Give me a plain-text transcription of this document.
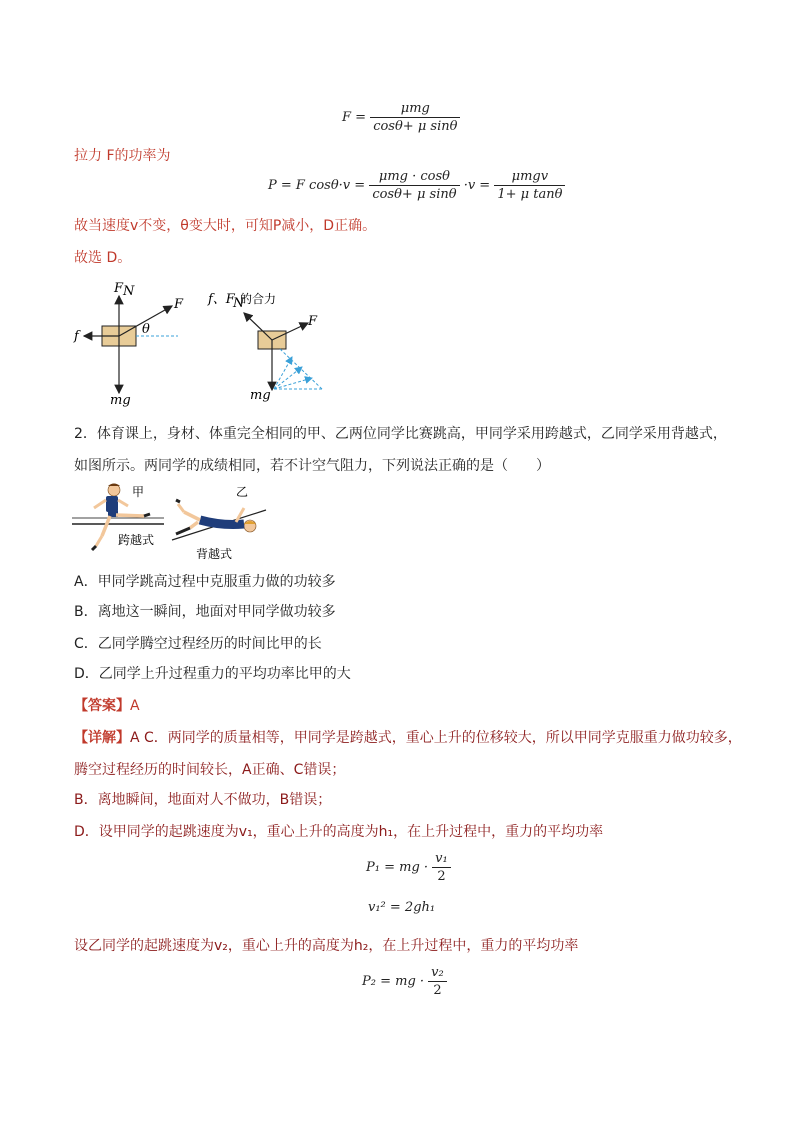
$F = \frac{\text{μmg}}{\text{cosθ+ μ sinθ}}$
拉力 F的功率为
P = F $\cos\theta\cdot v = \frac{\text{μmg · cosθ}}{\text{cosθ+ μ sinθ}} \cdot v = \frac{\text{μmgv}}{\text{1+ μ tanθ}}$
故当速度v不变，θ变大时，可知P减小，D正确。
故选 D。
F N
F
f	θ
mg
f、F
N
的合力
F
mg
2．体育课上，身材、体重完全相同的甲、乙两位同学比赛跳高，甲同学采用跨越式，乙同学采用背越式，
如图所示。两同学的成绩相同，若不计空气阻力，下列说法正确的是（　　）
甲
跨越式
乙
背越式
A．甲同学跳高过程中克服重力做的功较多
B．离地这一瞬间，地面对甲同学做功较多
C．乙同学腾空过程经历的时间比甲的长
D．乙同学上升过程重力的平均功率比甲的大
【答案】A
【详解】A C．两同学的质量相等，甲同学是跨越式，重心上升的位移较大，所以甲同学克服重力做功较多，
腾空过程经历的时间较长，A正确、C错误；
B．离地瞬间，地面对人不做功，B错误；
D．设甲同学的起跳速度为v₁，重心上升的高度为h₁，在上升过程中，重力的平均功率
P₁ = mg · $\frac{\text{v₁}}{2}$
v₁² = 2gh₁
设乙同学的起跳速度为v₂，重心上升的高度为h₂，在上升过程中，重力的平均功率
P₂ = mg · $\frac{\text{v₂}}{2}$
